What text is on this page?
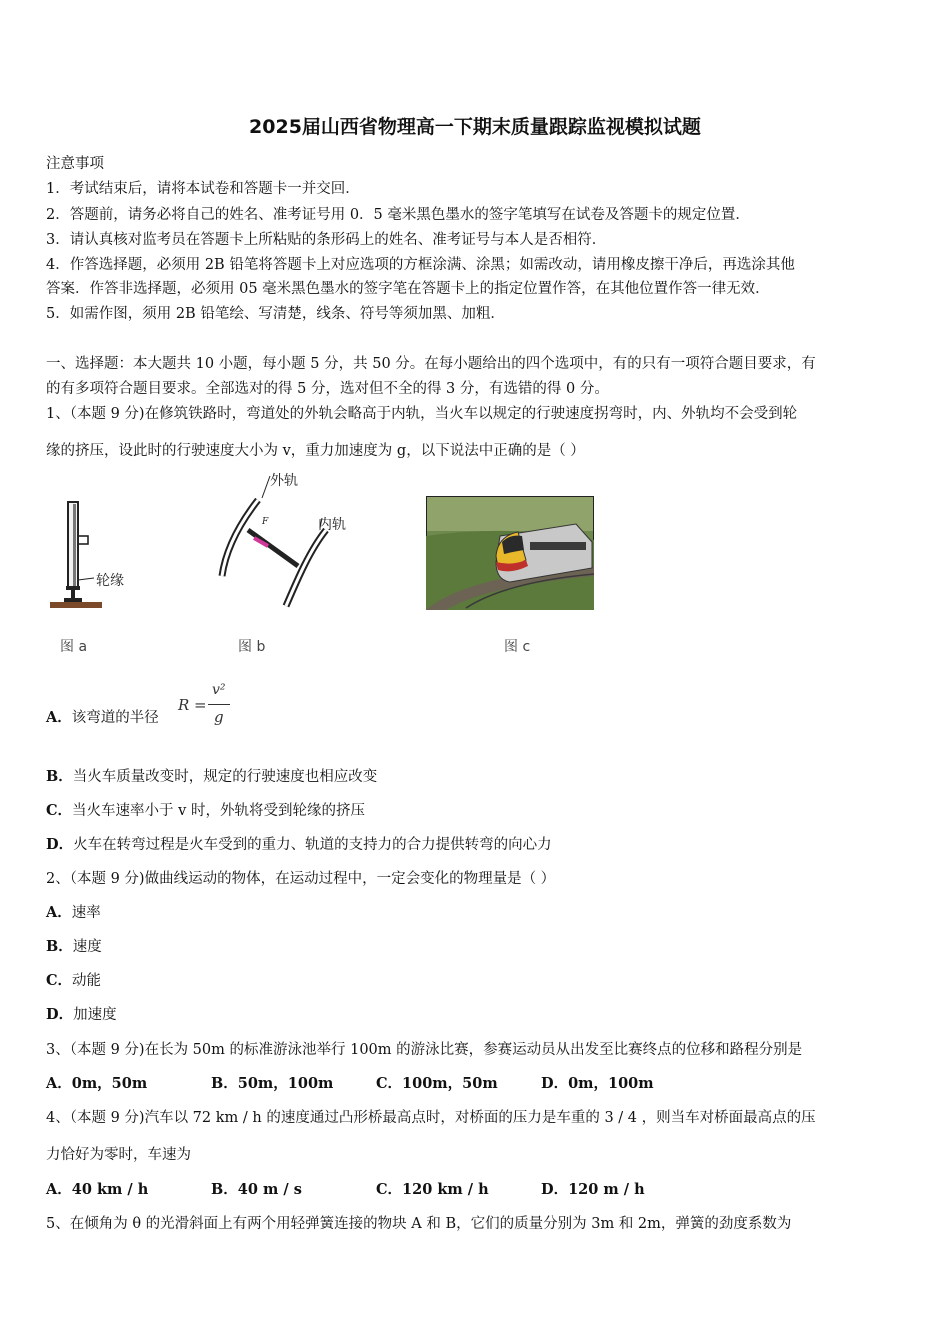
2025届山西省物理高一下期末质量跟踪监视模拟试题
注意事项
1．考试结束后，请将本试卷和答题卡一并交回．
2．答题前，请务必将自己的姓名、准考证号用 0．5 毫米黑色墨水的签字笔填写在试卷及答题卡的规定位置．
3．请认真核对监考员在答题卡上所粘贴的条形码上的姓名、准考证号与本人是否相符．
4．作答选择题，必须用 2B 铅笔将答题卡上对应选项的方框涂满、涂黑；如需改动，请用橡皮擦干净后，再选涂其他
答案．作答非选择题，必须用 05 毫米黑色墨水的签字笔在答题卡上的指定位置作答，在其他位置作答一律无效．
5．如需作图，须用 2B 铅笔绘、写清楚，线条、符号等须加黑、加粗．
一、选择题：本大题共 10 小题，每小题 5 分，共 50 分。在每小题给出的四个选项中，有的只有一项符合题目要求，有
的有多项符合题目要求。全部选对的得 5 分，选对但不全的得 3 分，有选错的得 0 分。
1、（本题 9 分)在修筑铁路时，弯道处的外轨会略高于内轨，当火车以规定的行驶速度拐弯时，内、外轨均不会受到轮
缘的挤压，设此时的行驶速度大小为 v，重力加速度为 g，以下说法中正确的是（ ）
轮缘
F
外轨
内轨
图 a	图 b	图 c
A．该弯道的半径
R =
v²
g
B．当火车质量改变时，规定的行驶速度也相应改变
C．当火车速率小于 v 时，外轨将受到轮缘的挤压
D．火车在转弯过程是火车受到的重力、轨道的支持力的合力提供转弯的向心力
2、（本题 9 分)做曲线运动的物体，在运动过程中，一定会变化的物理量是（ ）
A．速率
B．速度
C．动能
D．加速度
3、（本题 9 分)在长为 50m 的标准游泳池举行 100m 的游泳比赛，参赛运动员从出发至比赛终点的位移和路程分别是
A．0m，50m	B．50m，100m	C．100m，50m	D．0m，100m
4、（本题 9 分)汽车以 72 km / h 的速度通过凸形桥最高点时，对桥面的压力是车重的 3 / 4 ，则当车对桥面最高点的压
力恰好为零时，车速为
A．40 km / h	B．40 m / s	C．120 km / h	D．120 m / h
5、在倾角为 θ 的光滑斜面上有两个用轻弹簧连接的物块 A 和 B，它们的质量分别为 3m 和 2m，弹簧的劲度系数为
